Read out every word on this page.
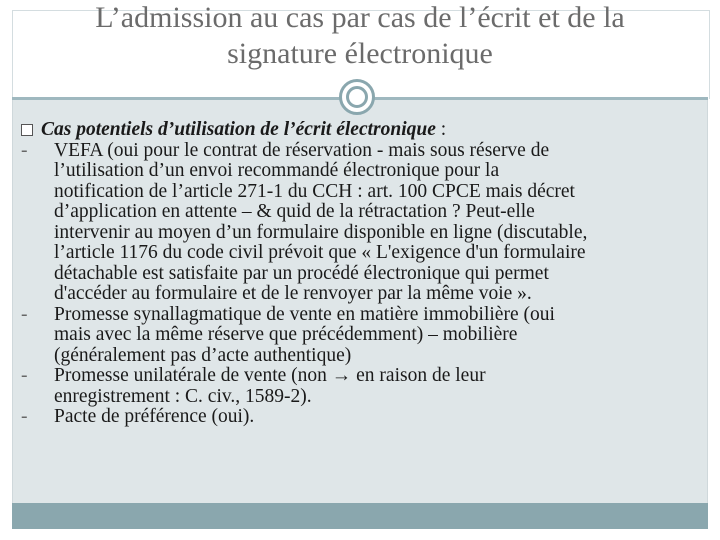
L’admission au cas par cas de l’écrit et de la
signature électronique
Cas potentiels d’utilisation de l’écrit électronique :
-	VEFA (oui pour le contrat de réservation - mais sous réserve de
l’utilisation d’un envoi recommandé électronique pour la
notification de l’article 271-1 du CCH : art. 100 CPCE mais décret
d’application en attente – & quid de la rétractation ? Peut-elle
intervenir au moyen d’un formulaire disponible en ligne (discutable,
l’article 1176 du code civil prévoit que « L'exigence d'un formulaire
détachable est satisfaite par un procédé électronique qui permet
d'accéder au formulaire et de le renvoyer par la même voie ».
-	Promesse synallagmatique de vente en matière immobilière (oui
mais avec la même réserve que précédemment) – mobilière
(généralement pas d’acte authentique)
-	Promesse unilatérale de vente (non → en raison de leur
enregistrement : C. civ., 1589-2).
-	Pacte de préférence (oui).
